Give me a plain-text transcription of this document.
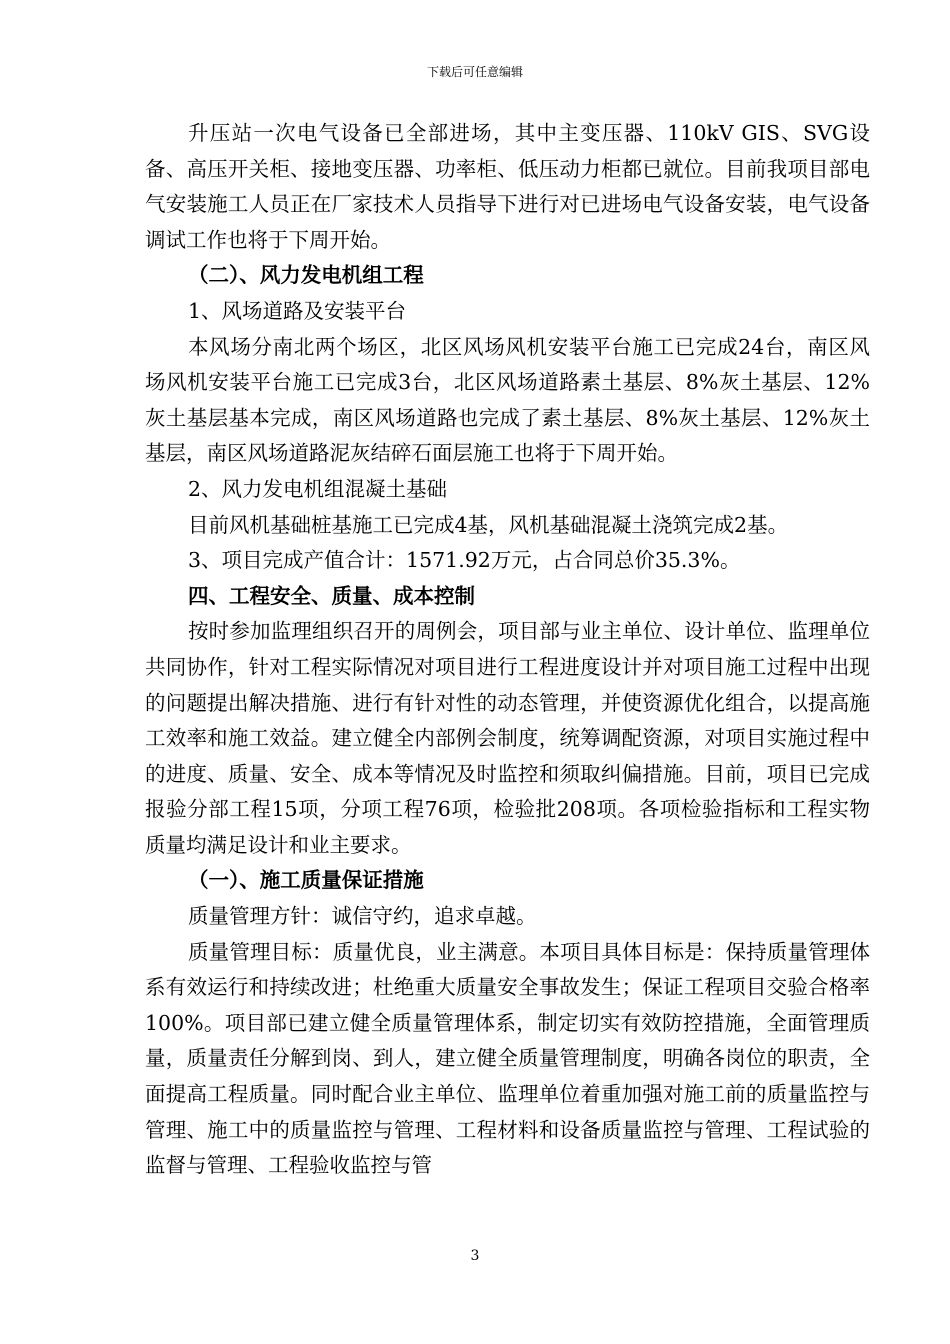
下载后可任意编辑

升压站一次电气设备已全部进场，其中主变压器、110kV GIS、SVG设备、高压开关柜、接地变压器、功率柜、低压动力柜都已就位。目前我项目部电气安装施工人员正在厂家技术人员指导下进行对已进场电气设备安装，电气设备调试工作也将于下周开始。

（二）、风力发电机组工程

1、风场道路及安装平台

本风场分南北两个场区，北区风场风机安装平台施工已完成24台，南区风场风机安装平台施工已完成3台，北区风场道路素土基层、8%灰土基层、12%灰土基层基本完成，南区风场道路也完成了素土基层、8%灰土基层、12%灰土基层，南区风场道路泥灰结碎石面层施工也将于下周开始。

2、风力发电机组混凝土基础

目前风机基础桩基施工已完成4基，风机基础混凝土浇筑完成2基。

3、项目完成产值合计：1571.92万元，占合同总价35.3%。

四、工程安全、质量、成本控制

按时参加监理组织召开的周例会，项目部与业主单位、设计单位、监理单位共同协作，针对工程实际情况对项目进行工程进度设计并对项目施工过程中出现的问题提出解决措施、进行有针对性的动态管理，并使资源优化组合，以提高施工效率和施工效益。建立健全内部例会制度，统筹调配资源，对项目实施过程中的进度、质量、安全、成本等情况及时监控和须取纠偏措施。目前，项目已完成报验分部工程15项，分项工程76项，检验批208项。各项检验指标和工程实物质量均满足设计和业主要求。

（一）、施工质量保证措施

质量管理方针：诚信守约，追求卓越。

质量管理目标：质量优良，业主满意。本项目具体目标是：保持质量管理体系有效运行和持续改进；杜绝重大质量安全事故发生；保证工程项目交验合格率100%。项目部已建立健全质量管理体系，制定切实有效防控措施，全面管理质量，质量责任分解到岗、到人，建立健全质量管理制度，明确各岗位的职责，全面提高工程质量。同时配合业主单位、监理单位着重加强对施工前的质量监控与管理、施工中的质量监控与管理、工程材料和设备质量监控与管理、工程试验的监督与管理、工程验收监控与管

3
